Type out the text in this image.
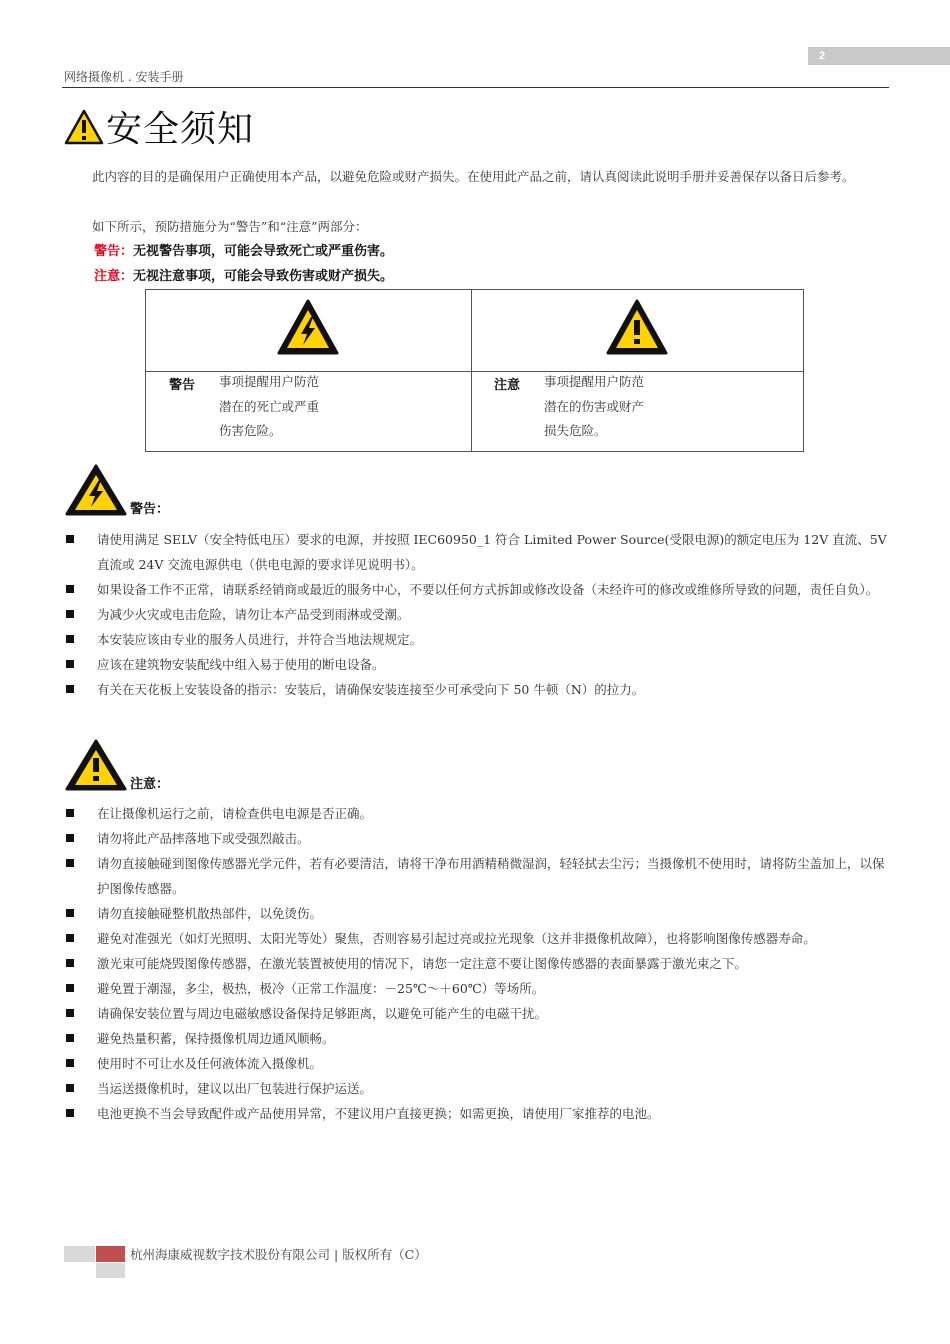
2
网络摄像机 . 安装手册
安全须知
此内容的目的是确保用户正确使用本产品，以避免危险或财产损失。在使用此产品之前，请认真阅读此说明手册并妥善保存以备日后参考。
如下所示，预防措施分为“警告”和“注意”两部分：
警告：无视警告事项，可能会导致死亡或严重伤害。
注意：无视注意事项，可能会导致伤害或财产损失。
警告 事项提醒用户防范
潜在的死亡或严重
伤害危险。
注意 事项提醒用户防范
潜在的伤害或财产
损失危险。
警告：
请使用满足 SELV（安全特低电压）要求的电源，并按照 IEC60950_1 符合 Limited Power Source(受限电源)的额定电压为 12V 直流、5V 直流或 24V 交流电源供电（供电电源的要求详见说明书）。
如果设备工作不正常，请联系经销商或最近的服务中心，不要以任何方式拆卸或修改设备（未经许可的修改或维修所导致的问题，责任自负）。
为减少火灾或电击危险，请勿让本产品受到雨淋或受潮。
本安装应该由专业的服务人员进行，并符合当地法规规定。
应该在建筑物安装配线中组入易于使用的断电设备。
有关在天花板上安装设备的指示：安装后，请确保安装连接至少可承受向下 50 牛顿（N）的拉力。
注意：
在让摄像机运行之前，请检查供电电源是否正确。
请勿将此产品摔落地下或受强烈敲击。
请勿直接触碰到图像传感器光学元件，若有必要清洁，请将干净布用酒精稍微湿润，轻轻拭去尘污；当摄像机不使用时，请将防尘盖加上，以保护图像传感器。
请勿直接触碰整机散热部件，以免烫伤。
避免对准强光（如灯光照明、太阳光等处）聚焦，否则容易引起过亮或拉光现象（这并非摄像机故障），也将影响图像传感器寿命。
激光束可能烧毁图像传感器，在激光装置被使用的情况下，请您一定注意不要让图像传感器的表面暴露于激光束之下。
避免置于潮湿，多尘，极热，极冷（正常工作温度：－25℃～＋60℃）等场所。
请确保安装位置与周边电磁敏感设备保持足够距离，以避免可能产生的电磁干扰。
避免热量积蓄，保持摄像机周边通风顺畅。
使用时不可让水及任何液体流入摄像机。
当运送摄像机时，建议以出厂包装进行保护运送。
电池更换不当会导致配件或产品使用异常，不建议用户直接更换；如需更换，请使用厂家推荐的电池。
杭州海康威视数字技术股份有限公司 | 版权所有（C）
